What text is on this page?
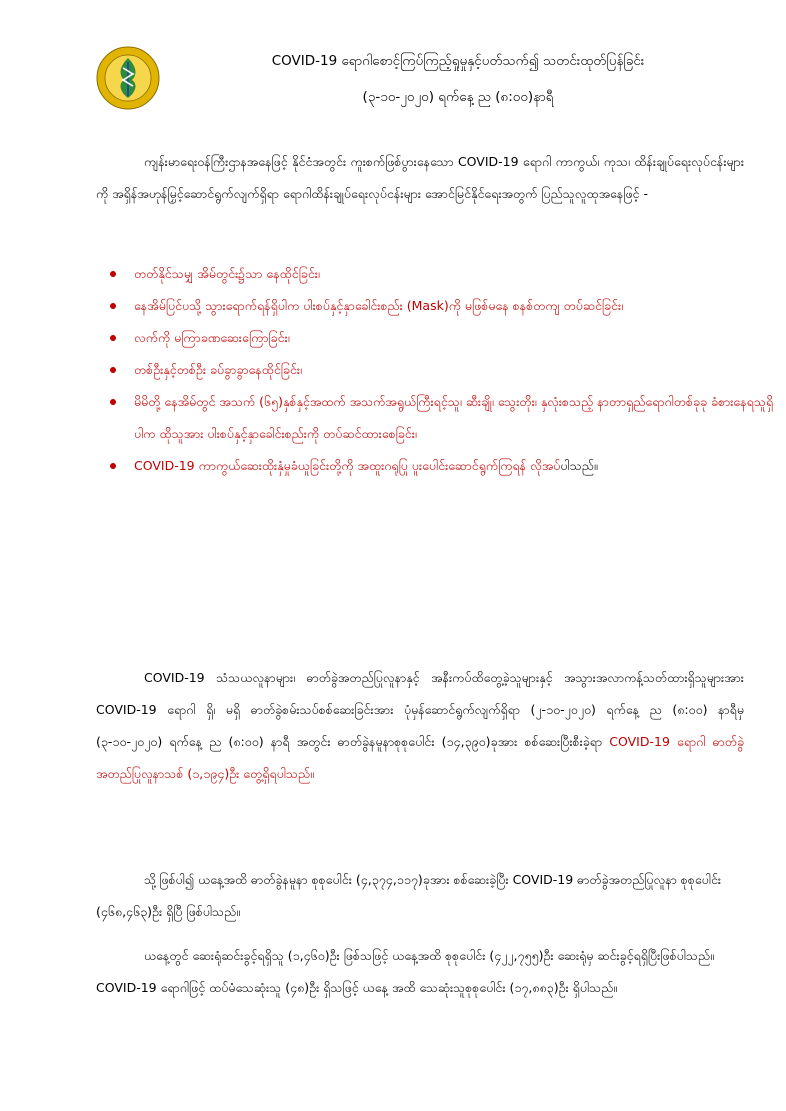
COVID-19 ရောဂါစောင့်ကြပ်ကြည့်ရှုမှုနှင့်ပတ်သက်၍ သတင်းထုတ်ပြန်ခြင်း
(၃-၁၀-၂၀၂၀) ရက်နေ့ ည (၈:၀၀)နာရီ
ကျန်းမာရေးဝန်ကြီးဌာနအနေဖြင့် နိုင်ငံအတွင်း ကူးစက်ဖြစ်ပွားနေသော COVID-19 ရောဂါ ကာကွယ်၊ ကုသ၊ ထိန်းချုပ်ရေးလုပ်ငန်းများကို အရှိန်အဟုန်မြှင့်ဆောင်ရွက်လျက်ရှိရာ ရောဂါထိန်းချုပ်ရေးလုပ်ငန်းများ အောင်မြင်နိုင်ရေးအတွက် ပြည်သူလူထုအနေဖြင့် -
တတ်နိုင်သမျှ အိမ်တွင်း၌သာ နေထိုင်ခြင်း၊
နေအိမ်ပြင်ပသို့ သွားရောက်ရန်ရှိပါက ပါးစပ်နှင့်နှာခေါင်းစည်း (Mask)ကို မဖြစ်မနေ စနစ်တကျ တပ်ဆင်ခြင်း၊
လက်ကို မကြာခဏဆေးကြောခြင်း၊
တစ်ဦးနှင့်တစ်ဦး ခပ်ခွာခွာနေထိုင်ခြင်း၊
မိမိတို့ နေအိမ်တွင် အသက် (၆၅)နှစ်နှင့်အထက် အသက်အရွယ်ကြီးရင့်သူ၊ ဆီးချို၊ သွေးတိုး၊ နှလုံးစသည့် နာတာရှည်ရောဂါတစ်ခုခု ခံစားနေရသူရှိပါက ထိုသူအား ပါးစပ်နှင့်နှာခေါင်းစည်းကို တပ်ဆင်ထားစေခြင်း၊
COVID-19 ကာကွယ်ဆေးထိုးနှံမှုခံယူခြင်းတို့ကို အထူးဂရုပြု ပူးပေါင်းဆောင်ရွက်ကြရန် လိုအပ်ပါသည်။
COVID-19 သံသယလူနာများ၊ ဓာတ်ခွဲအတည်ပြုလူနာနှင့် အနီးကပ်ထိတွေ့ခဲ့သူများနှင့် အသွားအလာကန့်သတ်ထားရှိသူများအား COVID-19 ရောဂါ ရှိ၊ မရှိ ဓာတ်ခွဲစမ်းသပ်စစ်ဆေးခြင်းအား ပုံမှန်ဆောင်ရွက်လျက်ရှိရာ (၂-၁၀-၂၀၂၀) ရက်နေ့ ည (၈:၀၀) နာရီမှ (၃-၁၀-၂၀၂၀) ရက်နေ့ ည (၈:၀၀) နာရီ အတွင်း ဓာတ်ခွဲနမူနာစုစုပေါင်း (၁၄,၃၉၀)ခုအား စစ်ဆေးပြီးစီးခဲ့ရာ COVID-19 ရောဂါ ဓာတ်ခွဲ အတည်ပြုလူနာသစ် (၁,၁၉၄)ဦး တွေ့ရှိရပါသည်။
သို့ဖြစ်ပါ၍ ယနေ့အထိ ဓာတ်ခွဲနမူနာ စုစုပေါင်း (၄,၃၇၄,၁၁၇)ခုအား စစ်ဆေးခဲ့ပြီး COVID-19 ဓာတ်ခွဲအတည်ပြုလူနာ စုစုပေါင်း (၄၆၈,၄၆၃)ဦး ရှိပြီ ဖြစ်ပါသည်။
ယနေ့တွင် ဆေးရုံဆင်းခွင့်ရရှိသူ (၁,၄၆၀)ဦး ဖြစ်သဖြင့် ယနေ့အထိ စုစုပေါင်း (၄၂၂,၇၅၅)ဦး ဆေးရုံမှ ဆင်းခွင့်ရရှိပြီးဖြစ်ပါသည်။ COVID-19 ရောဂါဖြင့် ထပ်မံသေဆုံးသူ (၄၈)ဦး ရှိသဖြင့် ယနေ့ အထိ သေဆုံးသူစုစုပေါင်း (၁၇,၈၈၃)ဦး ရှိပါသည်။
